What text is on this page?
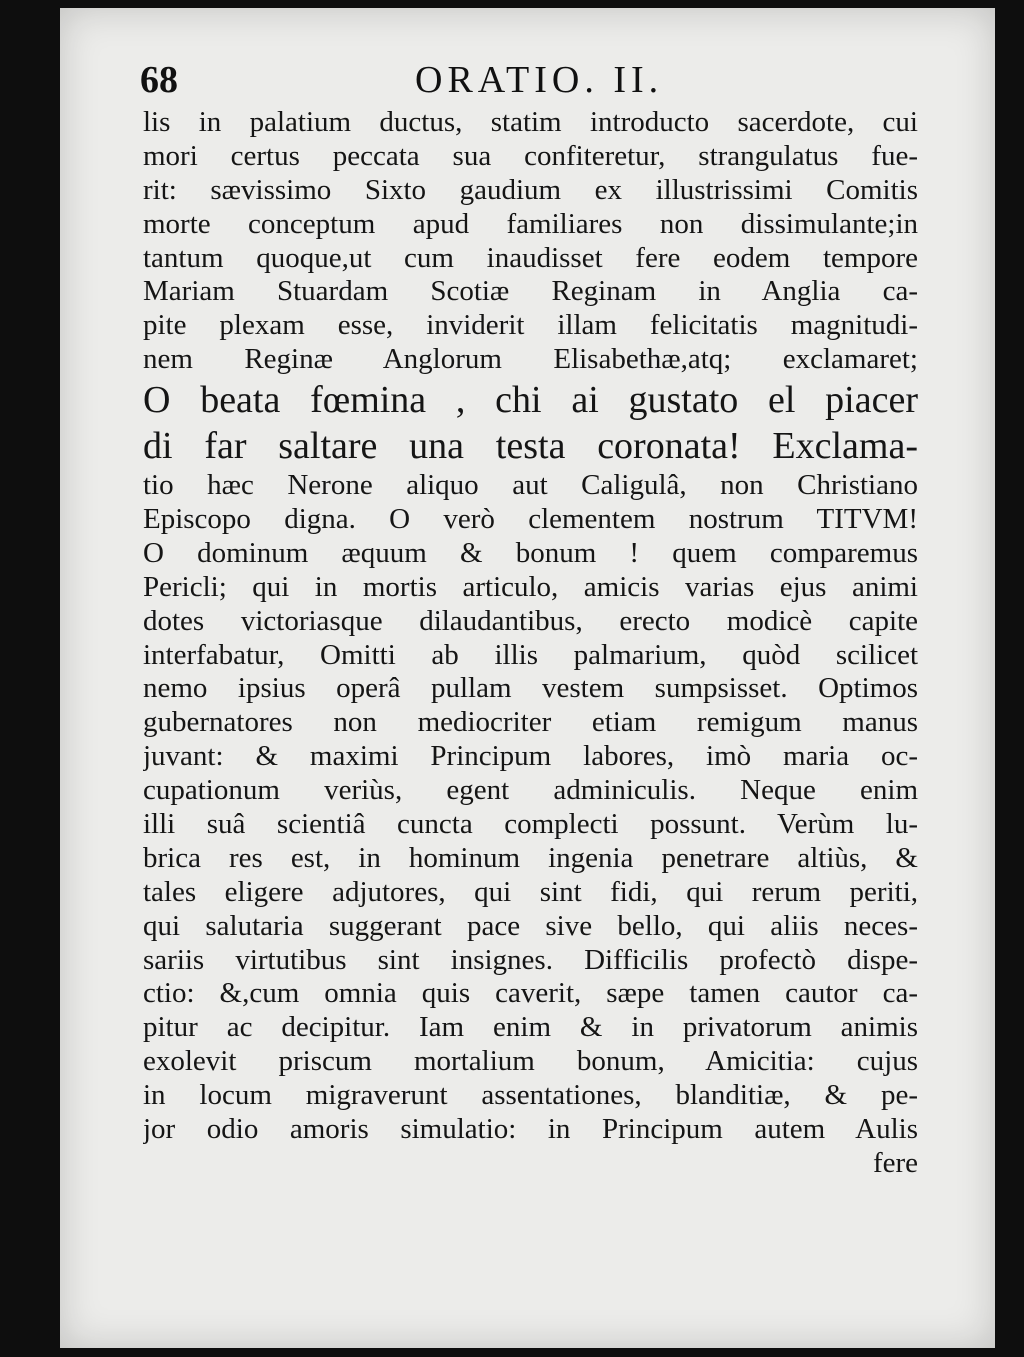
68	ORATIO. II.
lis in palatium ductus, statim introducto sacerdote, cui
mori certus peccata sua confiteretur, strangulatus fue-
rit: sævissimo Sixto gaudium ex illustrissimi Comitis
morte conceptum apud familiares non dissimulante;in
tantum quoque,ut cum inaudisset fere eodem tempore
Mariam Stuardam Scotiæ Reginam in Anglia ca-
pite plexam esse, inviderit illam felicitatis magnitudi-
nem Reginæ Anglorum Elisabethæ,atq; exclamaret;
O beata fœmina , chi ai gustato el piacer
di far saltare una testa coronata! Exclama-
tio hæc Nerone aliquo aut Caligulâ, non Christiano
Episcopo digna. O verò clementem nostrum TITVM!
O dominum æquum & bonum ! quem comparemus
Pericli; qui in mortis articulo, amicis varias ejus animi
dotes victoriasque dilaudantibus, erecto modicè capite
interfabatur, Omitti ab illis palmarium, quòd scilicet
nemo ipsius operâ pullam vestem sumpsisset. Optimos
gubernatores non mediocriter etiam remigum manus
juvant: & maximi Principum labores, imò maria oc-
cupationum veriùs, egent adminiculis. Neque enim
illi suâ scientiâ cuncta complecti possunt. Verùm lu-
brica res est, in hominum ingenia penetrare altiùs, &
tales eligere adjutores, qui sint fidi, qui rerum periti,
qui salutaria suggerant pace sive bello, qui aliis neces-
sariis virtutibus sint insignes. Difficilis profectò dispe-
ctio: &,cum omnia quis caverit, sæpe tamen cautor ca-
pitur ac decipitur. Iam enim & in privatorum animis
exolevit priscum mortalium bonum, Amicitia: cujus
in locum migraverunt assentationes, blanditiæ, & pe-
jor odio amoris simulatio: in Principum autem Aulis
fere
